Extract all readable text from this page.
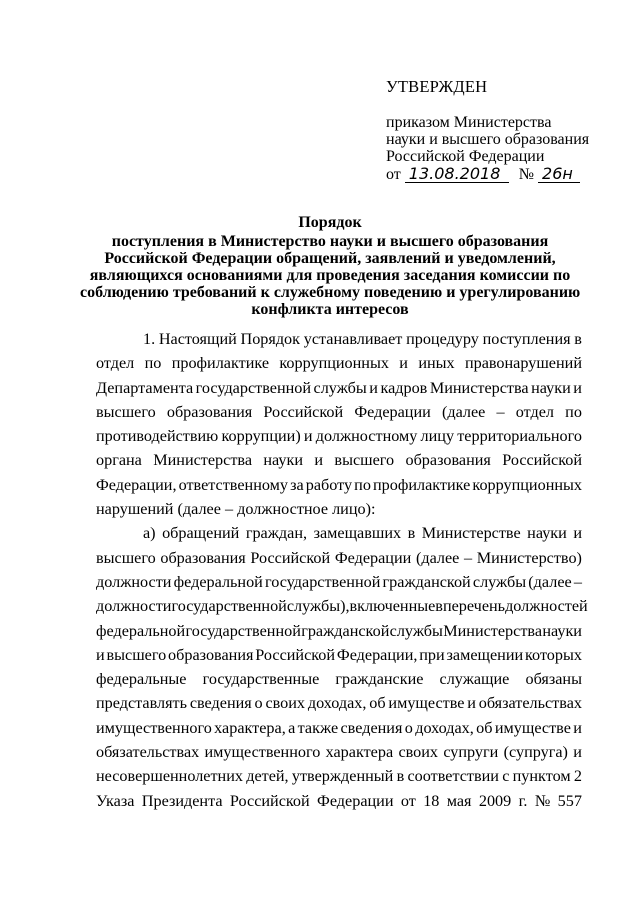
УТВЕРЖДЕН
приказом Министерства
науки и высшего образования
Российской Федерации
от 13.08.2018	№ 26н
Порядок
поступления в Министерство науки и высшего образования
Российской Федерации обращений, заявлений и уведомлений,
являющихся основаниями для проведения заседания комиссии по
соблюдению требований к служебному поведению и урегулированию
конфликта интересов
1. Настоящий Порядок устанавливает процедуру поступления в
отдел по профилактике коррупционных и иных правонарушений
Департамента государственной службы и кадров Министерства науки и
высшего образования Российской Федерации (далее – отдел по
противодействию коррупции) и должностному лицу территориального
органа Министерства науки и высшего образования Российской
Федерации, ответственному за работу по профилактике коррупционных
нарушений (далее – должностное лицо):
а) обращений граждан, замещавших в Министерстве науки и
высшего образования Российской Федерации (далее – Министерство)
должности федеральной государственной гражданской службы (далее –
должности государственной службы), включенные в перечень должностей
федеральной государственной гражданской службы Министерства науки
и высшего образования Российской Федерации, при замещении которых
федеральные государственные гражданские служащие обязаны
представлять сведения о своих доходах, об имуществе и обязательствах
имущественного характера, а также сведения о доходах, об имуществе и
обязательствах имущественного характера своих супруги (супруга) и
несовершеннолетних детей, утвержденный в соответствии с пунктом 2
Указа Президента Российской Федерации от 18 мая 2009 г. № 557
